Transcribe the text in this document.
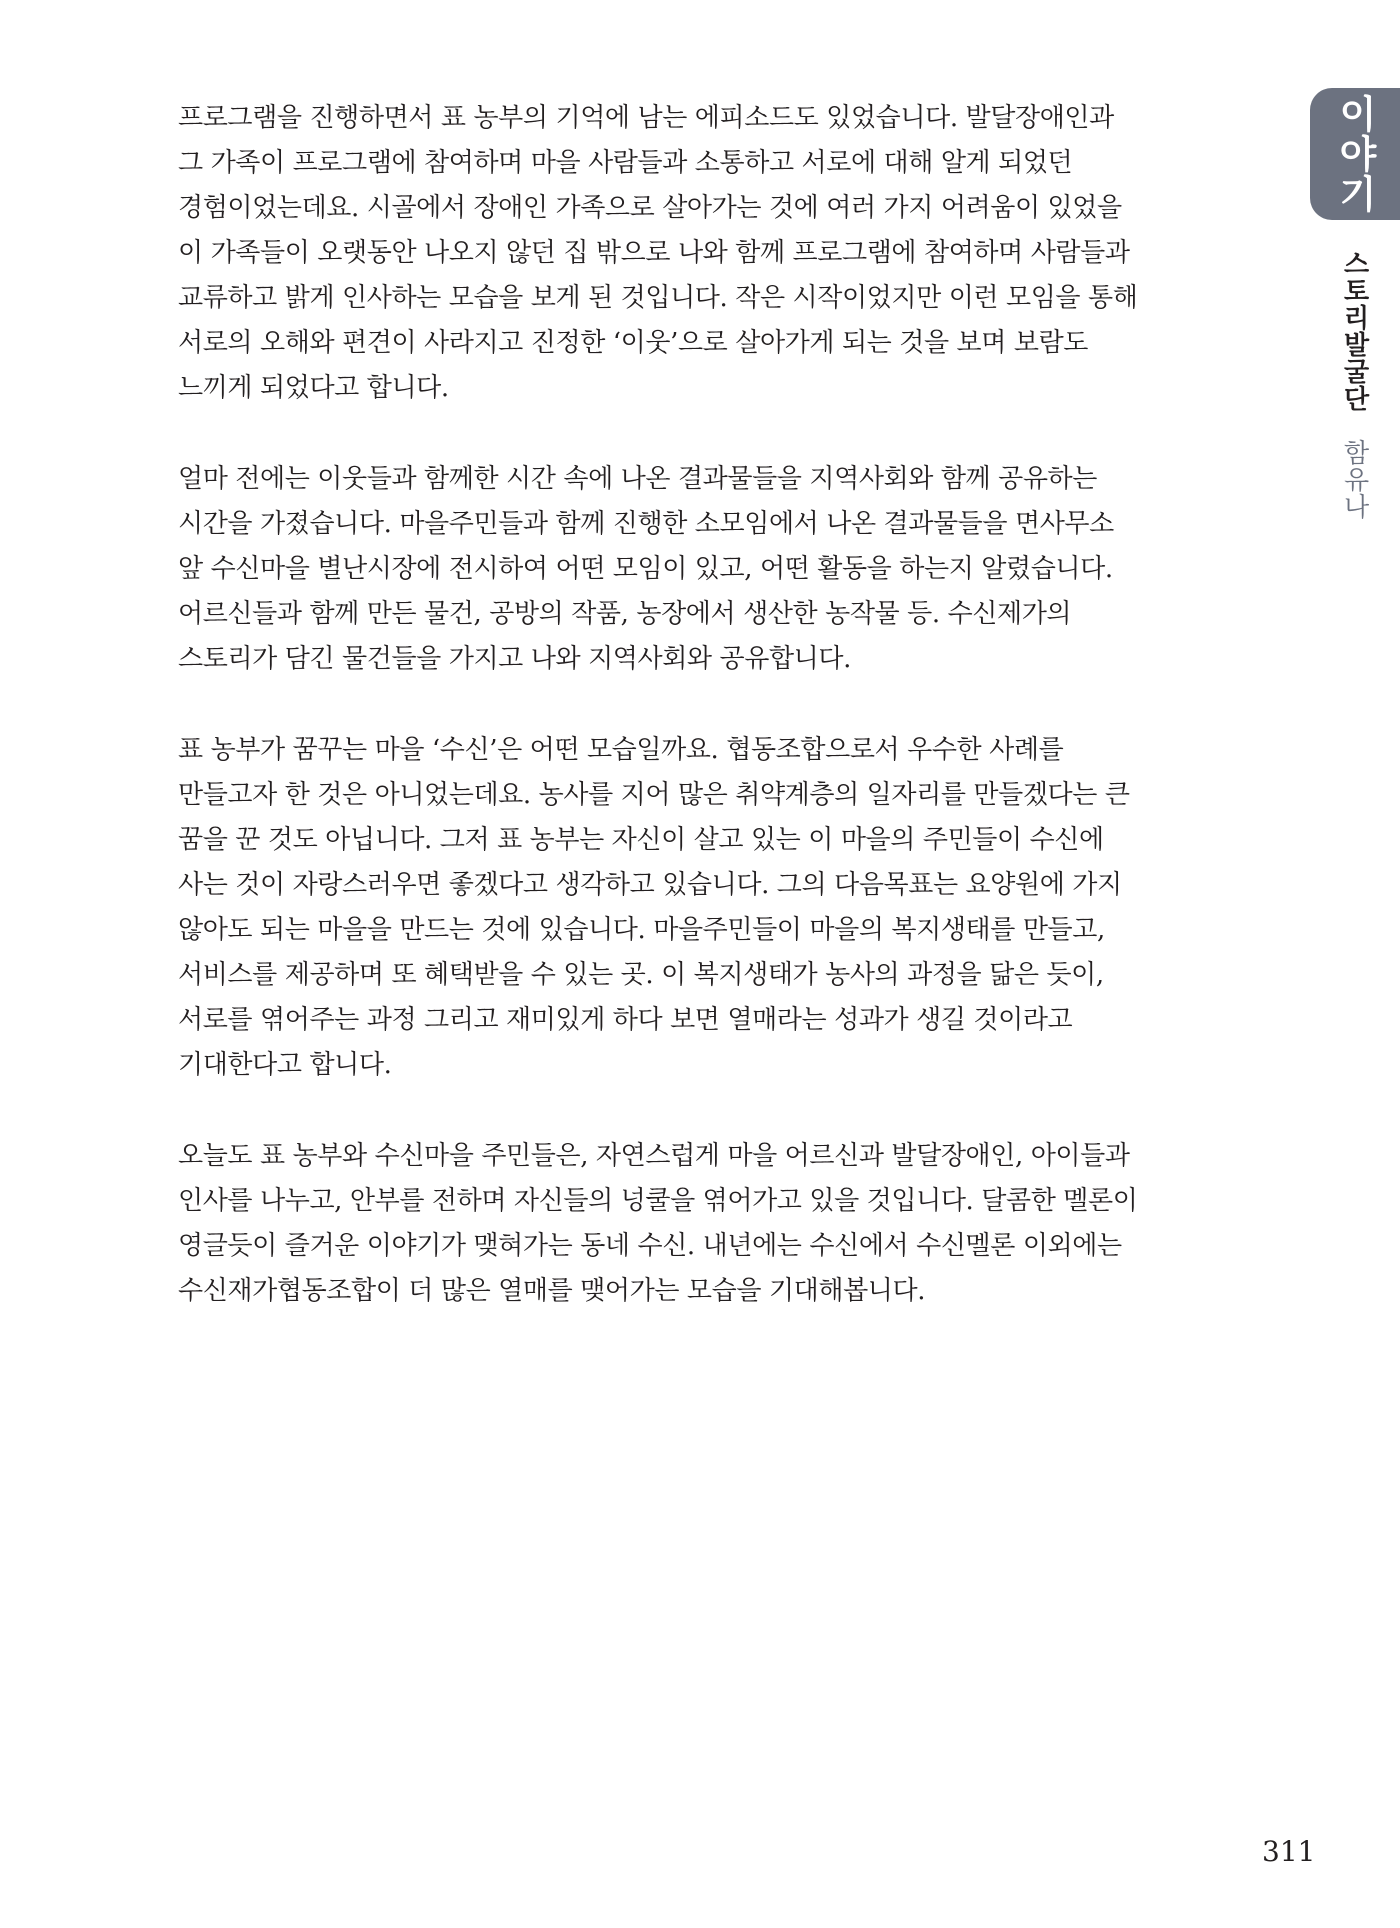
이야기
스토리발굴단 함유나
프로그램을 진행하면서 표 농부의 기억에 남는 에피소드도 있었습니다. 발달장애인과
그 가족이 프로그램에 참여하며 마을 사람들과 소통하고 서로에 대해 알게 되었던
경험이었는데요. 시골에서 장애인 가족으로 살아가는 것에 여러 가지 어려움이 있었을
이 가족들이 오랫동안 나오지 않던 집 밖으로 나와 함께 프로그램에 참여하며 사람들과
교류하고 밝게 인사하는 모습을 보게 된 것입니다. 작은 시작이었지만 이런 모임을 통해
서로의 오해와 편견이 사라지고 진정한 ‘이웃’으로 살아가게 되는 것을 보며 보람도
느끼게 되었다고 합니다.
얼마 전에는 이웃들과 함께한 시간 속에 나온 결과물들을 지역사회와 함께 공유하는
시간을 가졌습니다. 마을주민들과 함께 진행한 소모임에서 나온 결과물들을 면사무소
앞 수신마을 별난시장에 전시하여 어떤 모임이 있고, 어떤 활동을 하는지 알렸습니다.
어르신들과 함께 만든 물건, 공방의 작품, 농장에서 생산한 농작물 등. 수신제가의
스토리가 담긴 물건들을 가지고 나와 지역사회와 공유합니다.
표 농부가 꿈꾸는 마을 ‘수신’은 어떤 모습일까요. 협동조합으로서 우수한 사례를
만들고자 한 것은 아니었는데요. 농사를 지어 많은 취약계층의 일자리를 만들겠다는 큰
꿈을 꾼 것도 아닙니다. 그저 표 농부는 자신이 살고 있는 이 마을의 주민들이 수신에
사는 것이 자랑스러우면 좋겠다고 생각하고 있습니다. 그의 다음목표는 요양원에 가지
않아도 되는 마을을 만드는 것에 있습니다. 마을주민들이 마을의 복지생태를 만들고,
서비스를 제공하며 또 혜택받을 수 있는 곳. 이 복지생태가 농사의 과정을 닮은 듯이,
서로를 엮어주는 과정 그리고 재미있게 하다 보면 열매라는 성과가 생길 것이라고
기대한다고 합니다.
오늘도 표 농부와 수신마을 주민들은, 자연스럽게 마을 어르신과 발달장애인, 아이들과
인사를 나누고, 안부를 전하며 자신들의 넝쿨을 엮어가고 있을 것입니다. 달콤한 멜론이
영글듯이 즐거운 이야기가 맺혀가는 동네 수신. 내년에는 수신에서 수신멜론 이외에는
수신재가협동조합이 더 많은 열매를 맺어가는 모습을 기대해봅니다.
311
